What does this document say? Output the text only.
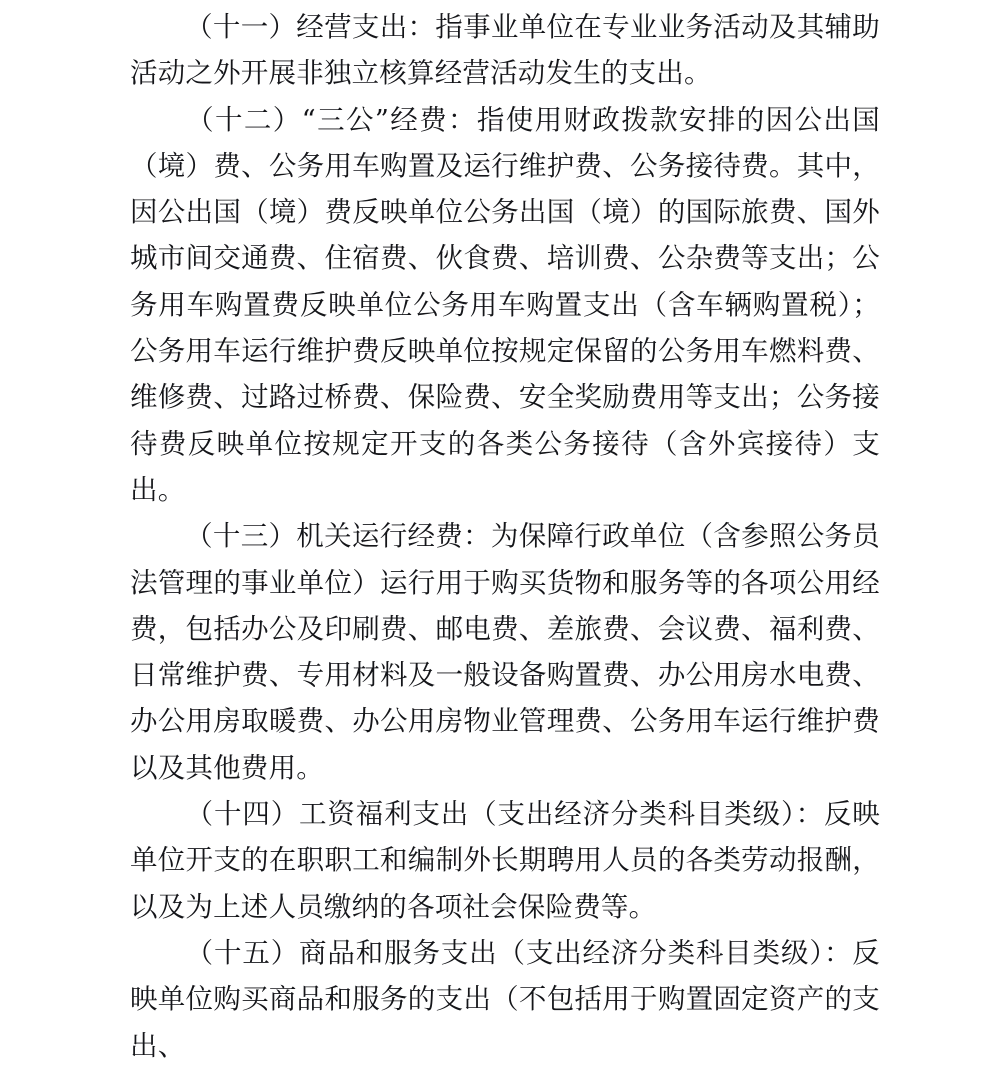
（十一）经营支出：指事业单位在专业业务活动及其辅助活动之外开展非独立核算经营活动发生的支出。

（十二）“三公”经费：指使用财政拨款安排的因公出国（境）费、公务用车购置及运行维护费、公务接待费。其中，因公出国（境）费反映单位公务出国（境）的国际旅费、国外城市间交通费、住宿费、伙食费、培训费、公杂费等支出；公务用车购置费反映单位公务用车购置支出（含车辆购置税）；公务用车运行维护费反映单位按规定保留的公务用车燃料费、维修费、过路过桥费、保险费、安全奖励费用等支出；公务接待费反映单位按规定开支的各类公务接待（含外宾接待）支出。

（十三）机关运行经费：为保障行政单位（含参照公务员法管理的事业单位）运行用于购买货物和服务等的各项公用经费，包括办公及印刷费、邮电费、差旅费、会议费、福利费、日常维护费、专用材料及一般设备购置费、办公用房水电费、办公用房取暖费、办公用房物业管理费、公务用车运行维护费以及其他费用。

（十四）工资福利支出（支出经济分类科目类级）：反映单位开支的在职职工和编制外长期聘用人员的各类劳动报酬，以及为上述人员缴纳的各项社会保险费等。

（十五）商品和服务支出（支出经济分类科目类级）：反映单位购买商品和服务的支出（不包括用于购置固定资产的支出、
